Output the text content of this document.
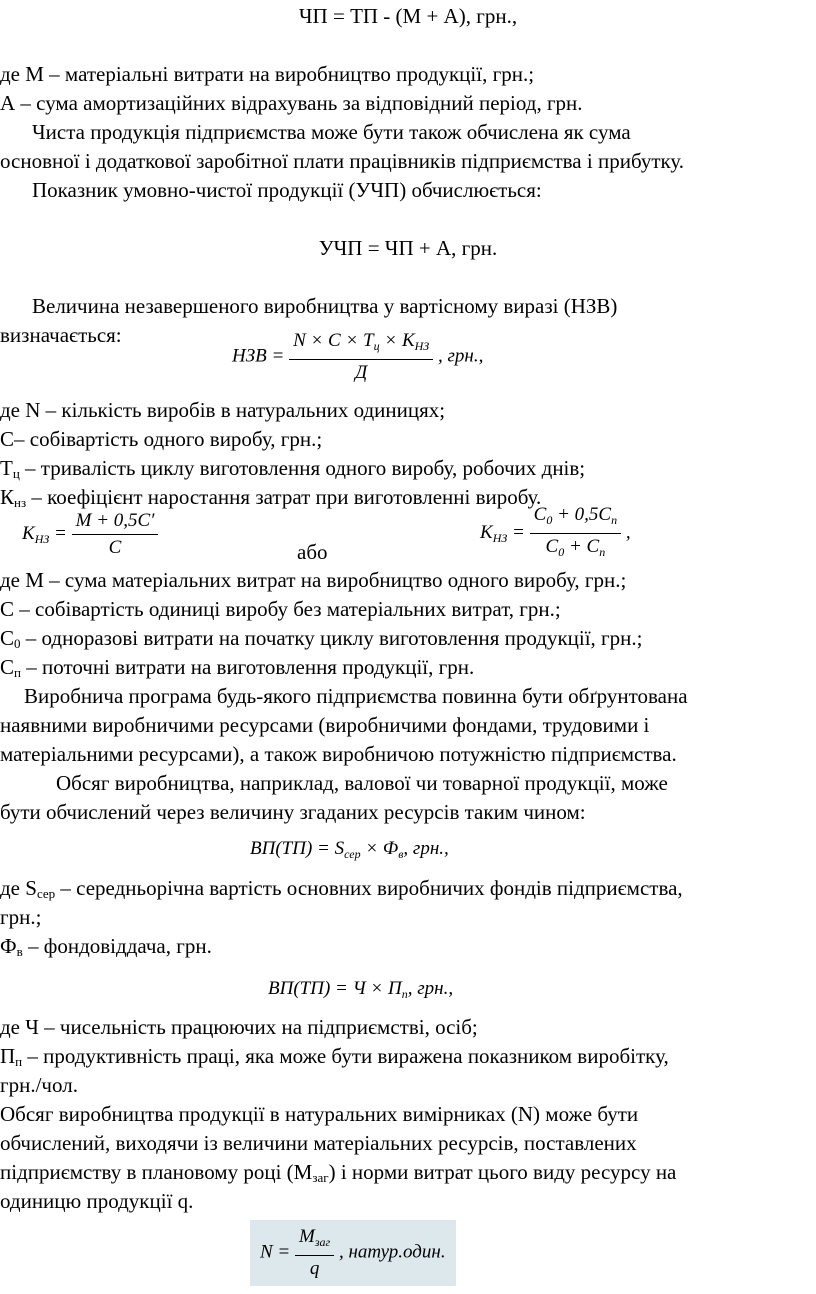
ЧП = ТП - (М + А), грн.,
де М – матеріальні витрати на виробництво продукції, грн.;
А – сума амортизаційних відрахувань за відповідний період, грн.
Чиста продукція підприємства може бути також обчислена як сума
основної і додаткової заробітної плати працівників підприємства і прибутку.
Показник умовно-чистої продукції (УЧП) обчислюється:
УЧП = ЧП + А, грн.
Величина незавершеного виробництва у вартісному виразі (НЗВ)
визначається:
НЗВ = $\frac{N \times C \times T_ц \times K_{НЗ}}{Д}$ , грн.,
де N – кількість виробів в натуральних одиницях;
С– собівартість одного виробу, грн.;
$Т_ц$ – тривалість циклу виготовлення одного виробу, робочих днів;
$К_{нз}$ – коефіцієнт наростання затрат при виготовленні виробу.
$K_{НЗ} = \frac{M + 0,5C'}{C}$	або
$K_{НЗ} = \frac{C_0 + 0,5C_п}{C_0 + C_п}$ ,
де М – сума матеріальних витрат на виробництво одного виробу, грн.;
С – собівартість одиниці виробу без матеріальних витрат, грн.;
$С_0$ – одноразові витрати на початку циклу виготовлення продукції, грн.;
$С_п$ – поточні витрати на виготовлення продукції, грн.
Виробнича програма будь-якого підприємства повинна бути обґрунтована
наявними виробничими ресурсами (виробничими фондами, трудовими і
матеріальними ресурсами), а також виробничою потужністю підприємства.
Обсяг виробництва, наприклад, валової чи товарної продукції, може
бути обчислений через величину згаданих ресурсів таким чином:
$ВП(ТП) = S_{сер} \times Ф_в$, грн.,
де $S_{сер}$ – середньорічна вартість основних виробничих фондів підприємства,
грн.;
$Ф_в$ – фондовіддача, грн.
$ВП(ТП) = Ч \times П_п$, грн.,
де Ч – чисельність працюючих на підприємстві, осіб;
$П_п$ – продуктивність праці, яка може бути виражена показником виробітку,
грн./чол.
Обсяг виробництва продукції в натуральних вимірниках (N) може бути
обчислений, виходячи із величини матеріальних ресурсів, поставлених
підприємству в плановому році $(М_{заг})$ і норми витрат цього виду ресурсу на
одиницю продукції q.
$N = \frac{M_{заг}}{q}$ , натур.один.
